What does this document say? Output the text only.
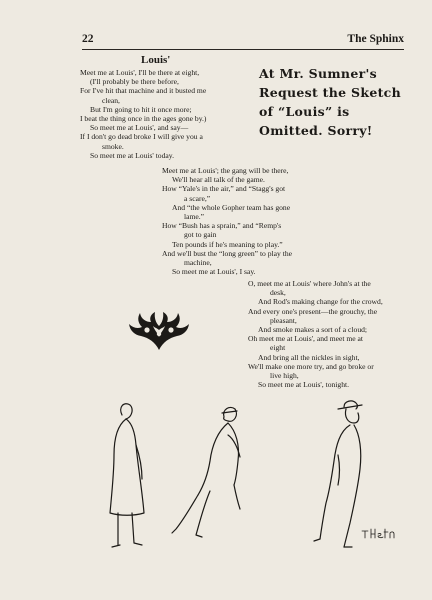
22	The Sphinx
Louis'
Meet me at Louis', I'll be there at eight,
(I'll probably be there before,
For I've hit that machine and it busted me
clean,
But I'm going to hit it once more;
I beat the thing once in the ages gone by.)
So meet me at Louis', and say—
If I don't go dead broke I will give you a
smoke.
So meet me at Louis' today.
Meet me at Louis'; the gang will be there,
We'll hear all talk of the game.
How “Yale's in the air,” and “Stagg's got
a scare,”
And “the whole Gopher team has gone
lame.”
How “Bush has a sprain,” and “Remp's
got to gain
Ten pounds if he's meaning to play.”
And we'll bust the “long green” to play the
machine,
So meet me at Louis', I say.
O, meet me at Louis' where John's at the
desk,
And Rod's making change for the crowd,
And every one's present—the grouchy, the
pleasant,
And smoke makes a sort of a cloud;
Oh meet me at Louis', and meet me at
eight
And bring all the nickles in sight,
We'll make one more try, and go broke or
live high,
So meet me at Louis', tonight.
At Mr. Sumner's
Request the Sketch
of “Louis” is
Omitted. Sorry!
